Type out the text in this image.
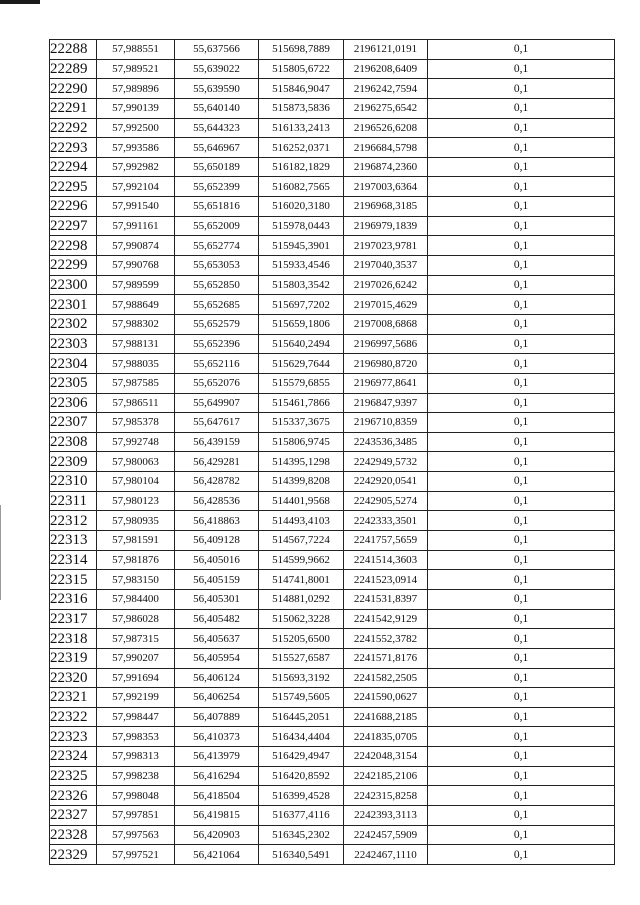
22288	57,988551	55,637566	515698,7889	2196121,0191	0,1
22289	57,989521	55,639022	515805,6722	2196208,6409	0,1
22290	57,989896	55,639590	515846,9047	2196242,7594	0,1
22291	57,990139	55,640140	515873,5836	2196275,6542	0,1
22292	57,992500	55,644323	516133,2413	2196526,6208	0,1
22293	57,993586	55,646967	516252,0371	2196684,5798	0,1
22294	57,992982	55,650189	516182,1829	2196874,2360	0,1
22295	57,992104	55,652399	516082,7565	2197003,6364	0,1
22296	57,991540	55,651816	516020,3180	2196968,3185	0,1
22297	57,991161	55,652009	515978,0443	2196979,1839	0,1
22298	57,990874	55,652774	515945,3901	2197023,9781	0,1
22299	57,990768	55,653053	515933,4546	2197040,3537	0,1
22300	57,989599	55,652850	515803,3542	2197026,6242	0,1
22301	57,988649	55,652685	515697,7202	2197015,4629	0,1
22302	57,988302	55,652579	515659,1806	2197008,6868	0,1
22303	57,988131	55,652396	515640,2494	2196997,5686	0,1
22304	57,988035	55,652116	515629,7644	2196980,8720	0,1
22305	57,987585	55,652076	515579,6855	2196977,8641	0,1
22306	57,986511	55,649907	515461,7866	2196847,9397	0,1
22307	57,985378	55,647617	515337,3675	2196710,8359	0,1
22308	57,992748	56,439159	515806,9745	2243536,3485	0,1
22309	57,980063	56,429281	514395,1298	2242949,5732	0,1
22310	57,980104	56,428782	514399,8208	2242920,0541	0,1
22311	57,980123	56,428536	514401,9568	2242905,5274	0,1
22312	57,980935	56,418863	514493,4103	2242333,3501	0,1
22313	57,981591	56,409128	514567,7224	2241757,5659	0,1
22314	57,981876	56,405016	514599,9662	2241514,3603	0,1
22315	57,983150	56,405159	514741,8001	2241523,0914	0,1
22316	57,984400	56,405301	514881,0292	2241531,8397	0,1
22317	57,986028	56,405482	515062,3228	2241542,9129	0,1
22318	57,987315	56,405637	515205,6500	2241552,3782	0,1
22319	57,990207	56,405954	515527,6587	2241571,8176	0,1
22320	57,991694	56,406124	515693,3192	2241582,2505	0,1
22321	57,992199	56,406254	515749,5605	2241590,0627	0,1
22322	57,998447	56,407889	516445,2051	2241688,2185	0,1
22323	57,998353	56,410373	516434,4404	2241835,0705	0,1
22324	57,998313	56,413979	516429,4947	2242048,3154	0,1
22325	57,998238	56,416294	516420,8592	2242185,2106	0,1
22326	57,998048	56,418504	516399,4528	2242315,8258	0,1
22327	57,997851	56,419815	516377,4116	2242393,3113	0,1
22328	57,997563	56,420903	516345,2302	2242457,5909	0,1
22329	57,997521	56,421064	516340,5491	2242467,1110	0,1
